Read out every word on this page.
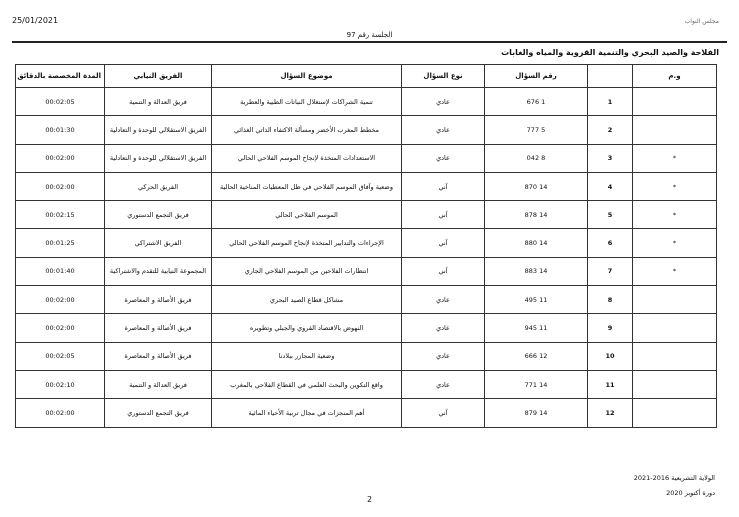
25/01/2021	مجلس النواب
الجلسة رقم 97
الفلاحة والصيد البحري والتنمية القروية والمياه والغابات
و.م		رقم السؤال	نوع السؤال	موضوع السؤال	الفريق النيابي	المدة المخصصة بالدقائق
	1	1 676	عادي	تنمية الشراكات لإستغلال النباتات الطبية والعطرية	فريق العدالة و التنمية	00:02:05
	2	5 777	عادي	مخطط المغرب الأخضر ومسألة الاكتفاء الذاتي الغذائي	الفريق الاستقلالي للوحدة و التعادلية	00:01:30
*	3	8 042	عادي	الاستعدادات المتخذة لإنجاح الموسم الفلاحي الحالي	الفريق الاستقلالي للوحدة و التعادلية	00:02:00
*	4	14 870	آني	وضعية وآفاق الموسم الفلاحي في ظل المعطيات المناخية الحالية	الفريق الحركي	00:02:00
*	5	14 878	آني	الموسم الفلاحي الحالي	فريق التجمع الدستوري	00:02:15
*	6	14 880	آني	الإجراءات والتدابير المتخذة لإنجاح الموسم الفلاحي الحالي	الفريق الاشتراكي	00:01:25
*	7	14 883	آني	انتظارات الفلاحين من الموسم الفلاحي الجاري	المجموعة النيابية للتقدم والاشتراكية	00:01:40
	8	11 495	عادي	مشاكل قطاع الصيد البحري	فريق الأصالة و المعاصرة	00:02:00
	9	11 945	عادي	النهوض بالاقتصاد القروي والجبلي وتطويره	فريق الأصالة و المعاصرة	00:02:00
	10	12 666	عادي	وضعية المجازر ببلادنا	فريق الأصالة و المعاصرة	00:02:05
	11	14 771	عادي	واقع التكوين والبحث العلمي في القطاع الفلاحي بالمغرب	فريق العدالة و التنمية	00:02:10
	12	14 879	آني	أهم المنجزات في مجال تربية الأحياء المائية	فريق التجمع الدستوري	00:02:00
الولاية التشريعية 2016-2021
دورة أكتوبر 2020
2
